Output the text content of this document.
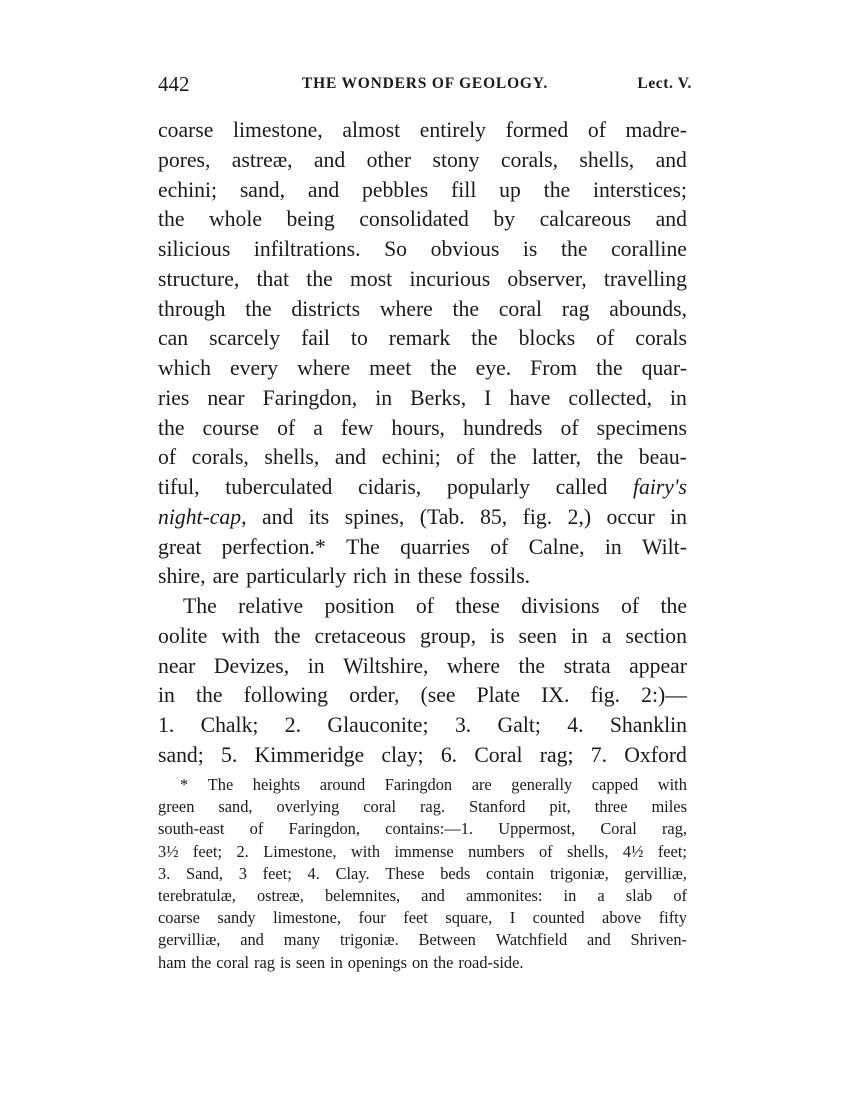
442	THE WONDERS OF GEOLOGY.	Lect. V.
coarse limestone, almost entirely formed of madre-
pores, astreæ, and other stony corals, shells, and
echini; sand, and pebbles fill up the interstices;
the whole being consolidated by calcareous and
silicious infiltrations. So obvious is the coralline
structure, that the most incurious observer, travelling
through the districts where the coral rag abounds,
can scarcely fail to remark the blocks of corals
which every where meet the eye. From the quar-
ries near Faringdon, in Berks, I have collected, in
the course of a few hours, hundreds of specimens
of corals, shells, and echini; of the latter, the beau-
tiful, tuberculated cidaris, popularly called fairy's
night-cap, and its spines, (Tab. 85, fig. 2,) occur in
great perfection.* The quarries of Calne, in Wilt-
shire, are particularly rich in these fossils.
The relative position of these divisions of the
oolite with the cretaceous group, is seen in a section
near Devizes, in Wiltshire, where the strata appear
in the following order, (see Plate IX. fig. 2:)—
1. Chalk; 2. Glauconite; 3. Galt; 4. Shanklin
sand; 5. Kimmeridge clay; 6. Coral rag; 7. Oxford
* The heights around Faringdon are generally capped with
green sand, overlying coral rag. Stanford pit, three miles
south-east of Faringdon, contains:—1. Uppermost, Coral rag,
3½ feet; 2. Limestone, with immense numbers of shells, 4½ feet;
3. Sand, 3 feet; 4. Clay. These beds contain trigoniæ, gervilliæ,
terebratulæ, ostreæ, belemnites, and ammonites: in a slab of
coarse sandy limestone, four feet square, I counted above fifty
gervilliæ, and many trigoniæ. Between Watchfield and Shriven-
ham the coral rag is seen in openings on the road-side.
